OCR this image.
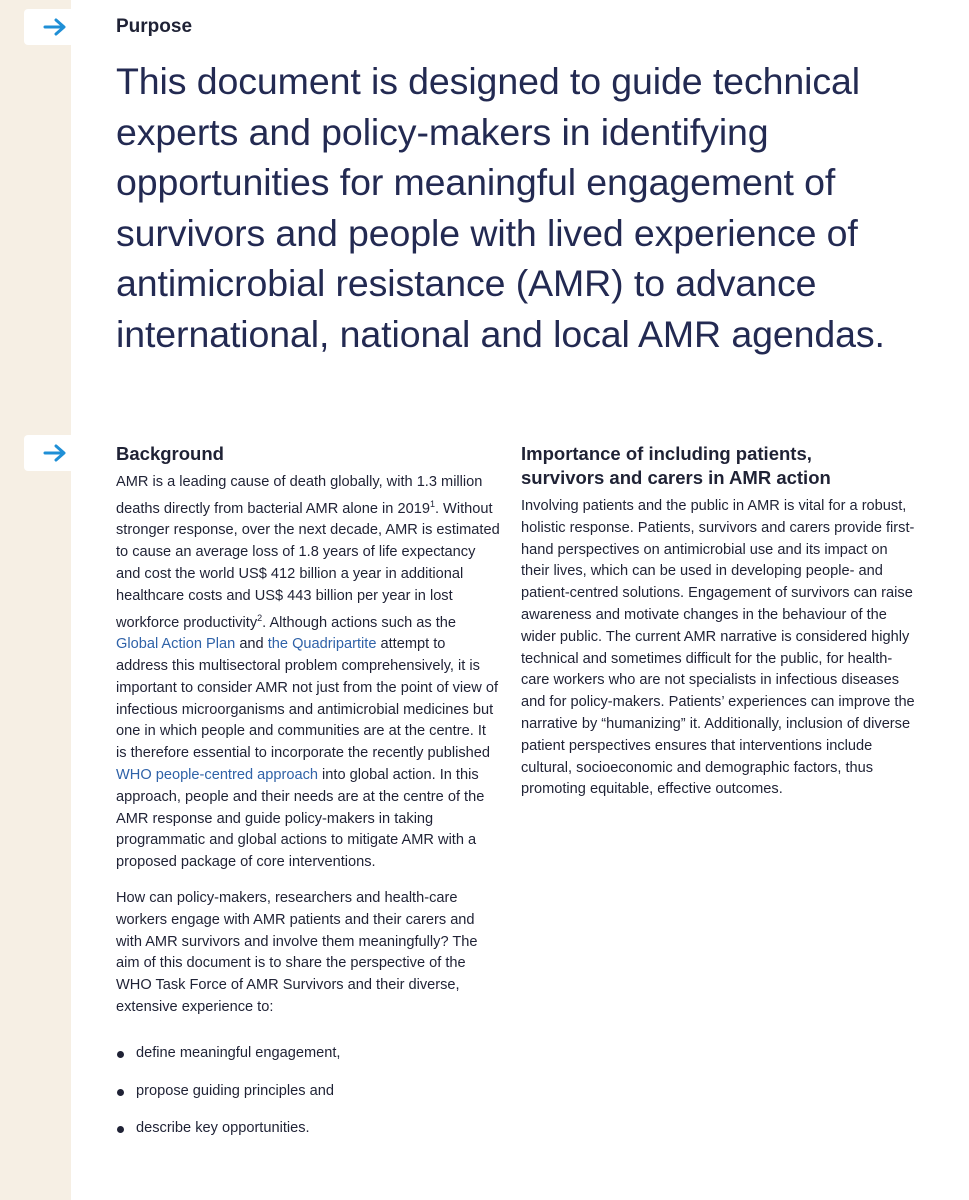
Purpose
This document is designed to guide technical experts and policy-makers in identifying opportunities for meaningful engagement of survivors and people with lived experience of antimicrobial resistance (AMR) to advance international, national and local AMR agendas.
Background

AMR is a leading cause of death globally, with 1.3 million deaths directly from bacterial AMR alone in 2019$^1$. Without stronger response, over the next decade, AMR is estimated to cause an average loss of 1.8 years of life expectancy and cost the world US$ 412 billion a year in additional healthcare costs and US$ 443 billion per year in lost workforce productivity$^2$. Although actions such as the Global Action Plan and the Quadripartite attempt to address this multisectoral problem comprehensively, it is important to consider AMR not just from the point of view of infectious microorganisms and antimicrobial medicines but one in which people and communities are at the centre. It is therefore essential to incorporate the recently published WHO people-centred approach into global action. In this approach, people and their needs are at the centre of the AMR response and guide policy-makers in taking programmatic and global actions to mitigate AMR with a proposed package of core interventions.

How can policy-makers, researchers and health-care workers engage with AMR patients and their carers and with AMR survivors and involve them meaningfully? The aim of this document is to share the perspective of the WHO Task Force of AMR Survivors and their diverse, extensive experience to:

define meaningful engagement,
propose guiding principles and
describe key opportunities.
Importance of including patients,
survivors and carers in AMR action

Involving patients and the public in AMR is vital for a robust, holistic response. Patients, survivors and carers provide first-hand perspectives on antimicrobial use and its impact on their lives, which can be used in developing people- and patient-centred solutions. Engagement of survivors can raise awareness and motivate changes in the behaviour of the wider public. The current AMR narrative is considered highly technical and sometimes difficult for the public, for health-care workers who are not specialists in infectious diseases and for policy-makers. Patients’ experiences can improve the narrative by “humanizing” it. Additionally, inclusion of diverse patient perspectives ensures that interventions include cultural, socioeconomic and demographic factors, thus promoting equitable, effective outcomes.
